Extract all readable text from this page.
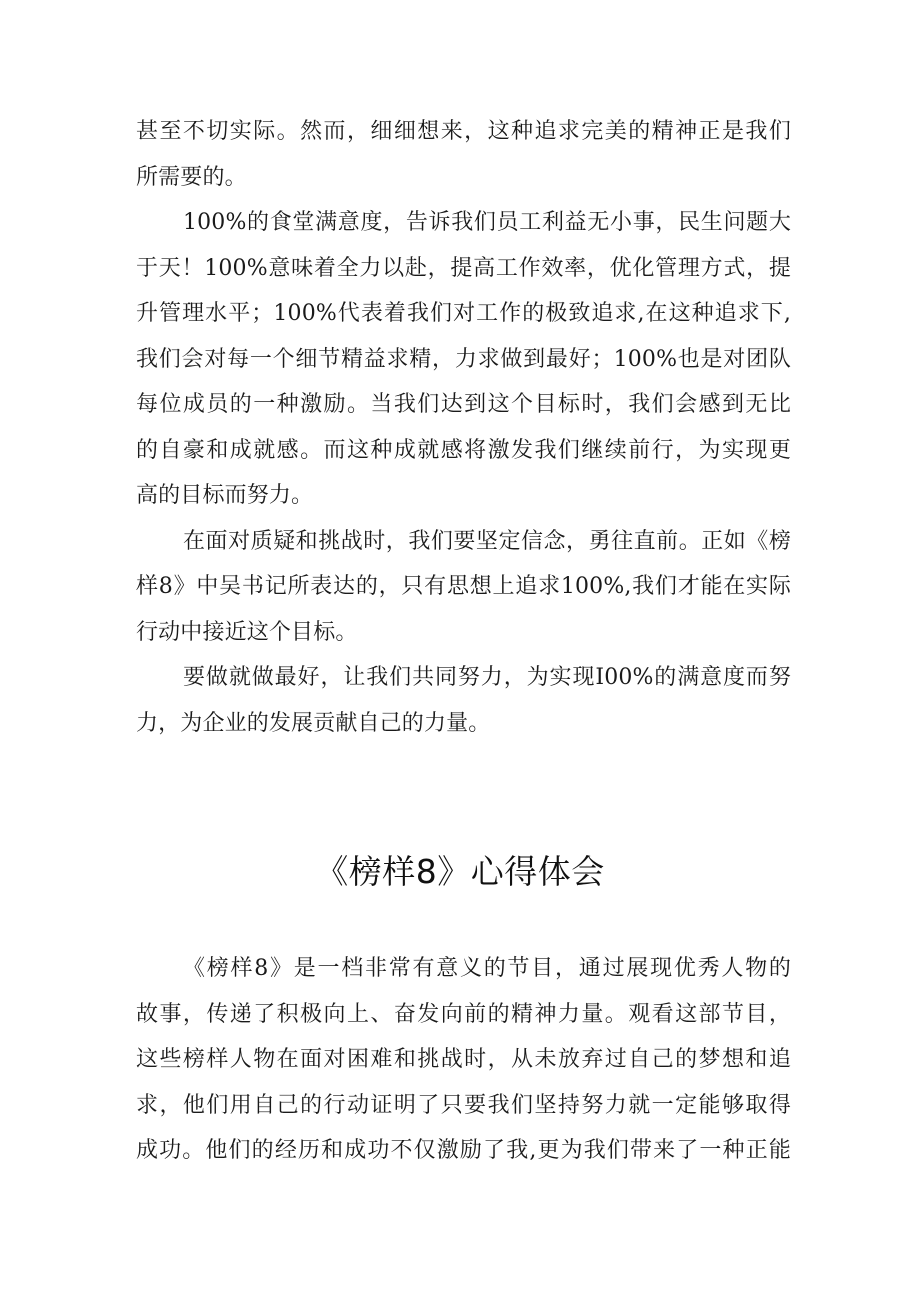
甚至不切实际。然而，细细想来，这种追求完美的精神正是我们
所需要的。
100%的食堂满意度，告诉我们员工利益无小事，民生问题大
于天！100%意味着全力以赴，提高工作效率，优化管理方式，提
升管理水平；100%代表着我们对工作的极致追求,在这种追求下,
我们会对每一个细节精益求精，力求做到最好；100%也是对团队
每位成员的一种激励。当我们达到这个目标时，我们会感到无比
的自豪和成就感。而这种成就感将激发我们继续前行，为实现更
高的目标而努力。
在面对质疑和挑战时，我们要坚定信念，勇往直前。正如《榜
样8》中吴书记所表达的，只有思想上追求100%,我们才能在实际
行动中接近这个目标。
要做就做最好，让我们共同努力，为实现I00%的满意度而努
力，为企业的发展贡献自己的力量。
《榜样8》心得体会
《榜样8》是一档非常有意义的节目，通过展现优秀人物的
故事，传递了积极向上、奋发向前的精神力量。观看这部节目，
这些榜样人物在面对困难和挑战时，从未放弃过自己的梦想和追
求，他们用自己的行动证明了只要我们坚持努力就一定能够取得
成功。他们的经历和成功不仅激励了我,更为我们带来了一种正能
